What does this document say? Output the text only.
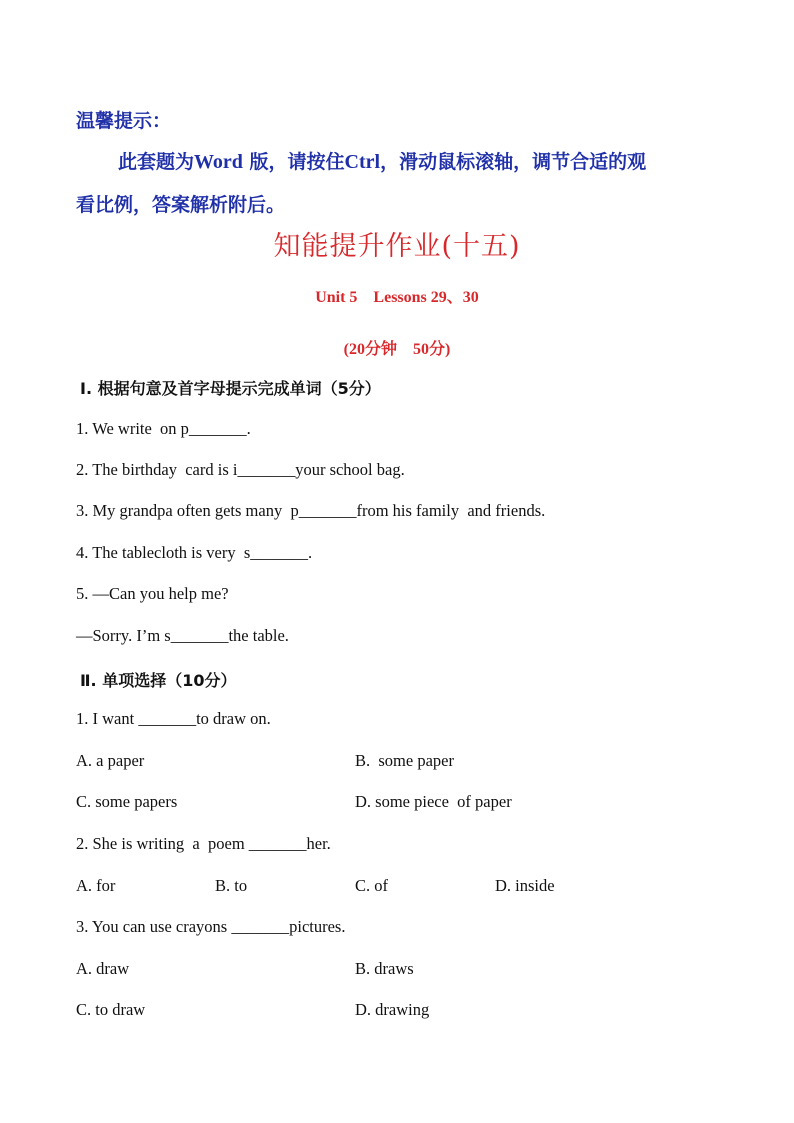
温馨提示：
此套题为Word 版，请按住Ctrl，滑动鼠标滚轴，调节合适的观
看比例，答案解析附后。
知能提升作业(十五)
Unit 5    Lessons 29、30
(20分钟    50分)
Ⅰ. 根据句意及首字母提示完成单词（5分）
1. We write  on p_______.
2. The birthday  card is i_______your school bag.
3. My grandpa often gets many  p_______from his family  and friends.
4. The tablecloth is very  s_______.
5. —Can you help me?
—Sorry. I’m s_______the table.
Ⅱ. 单项选择（10分）
1. I want _______to draw on.
A. a paper	B.  some paper
C. some papers	D. some piece  of paper
2. She is writing  a  poem _______her.
A. for	B. to	C. of	D. inside
3. You can use crayons _______pictures.
A. draw	B. draws
C. to draw	D. drawing
